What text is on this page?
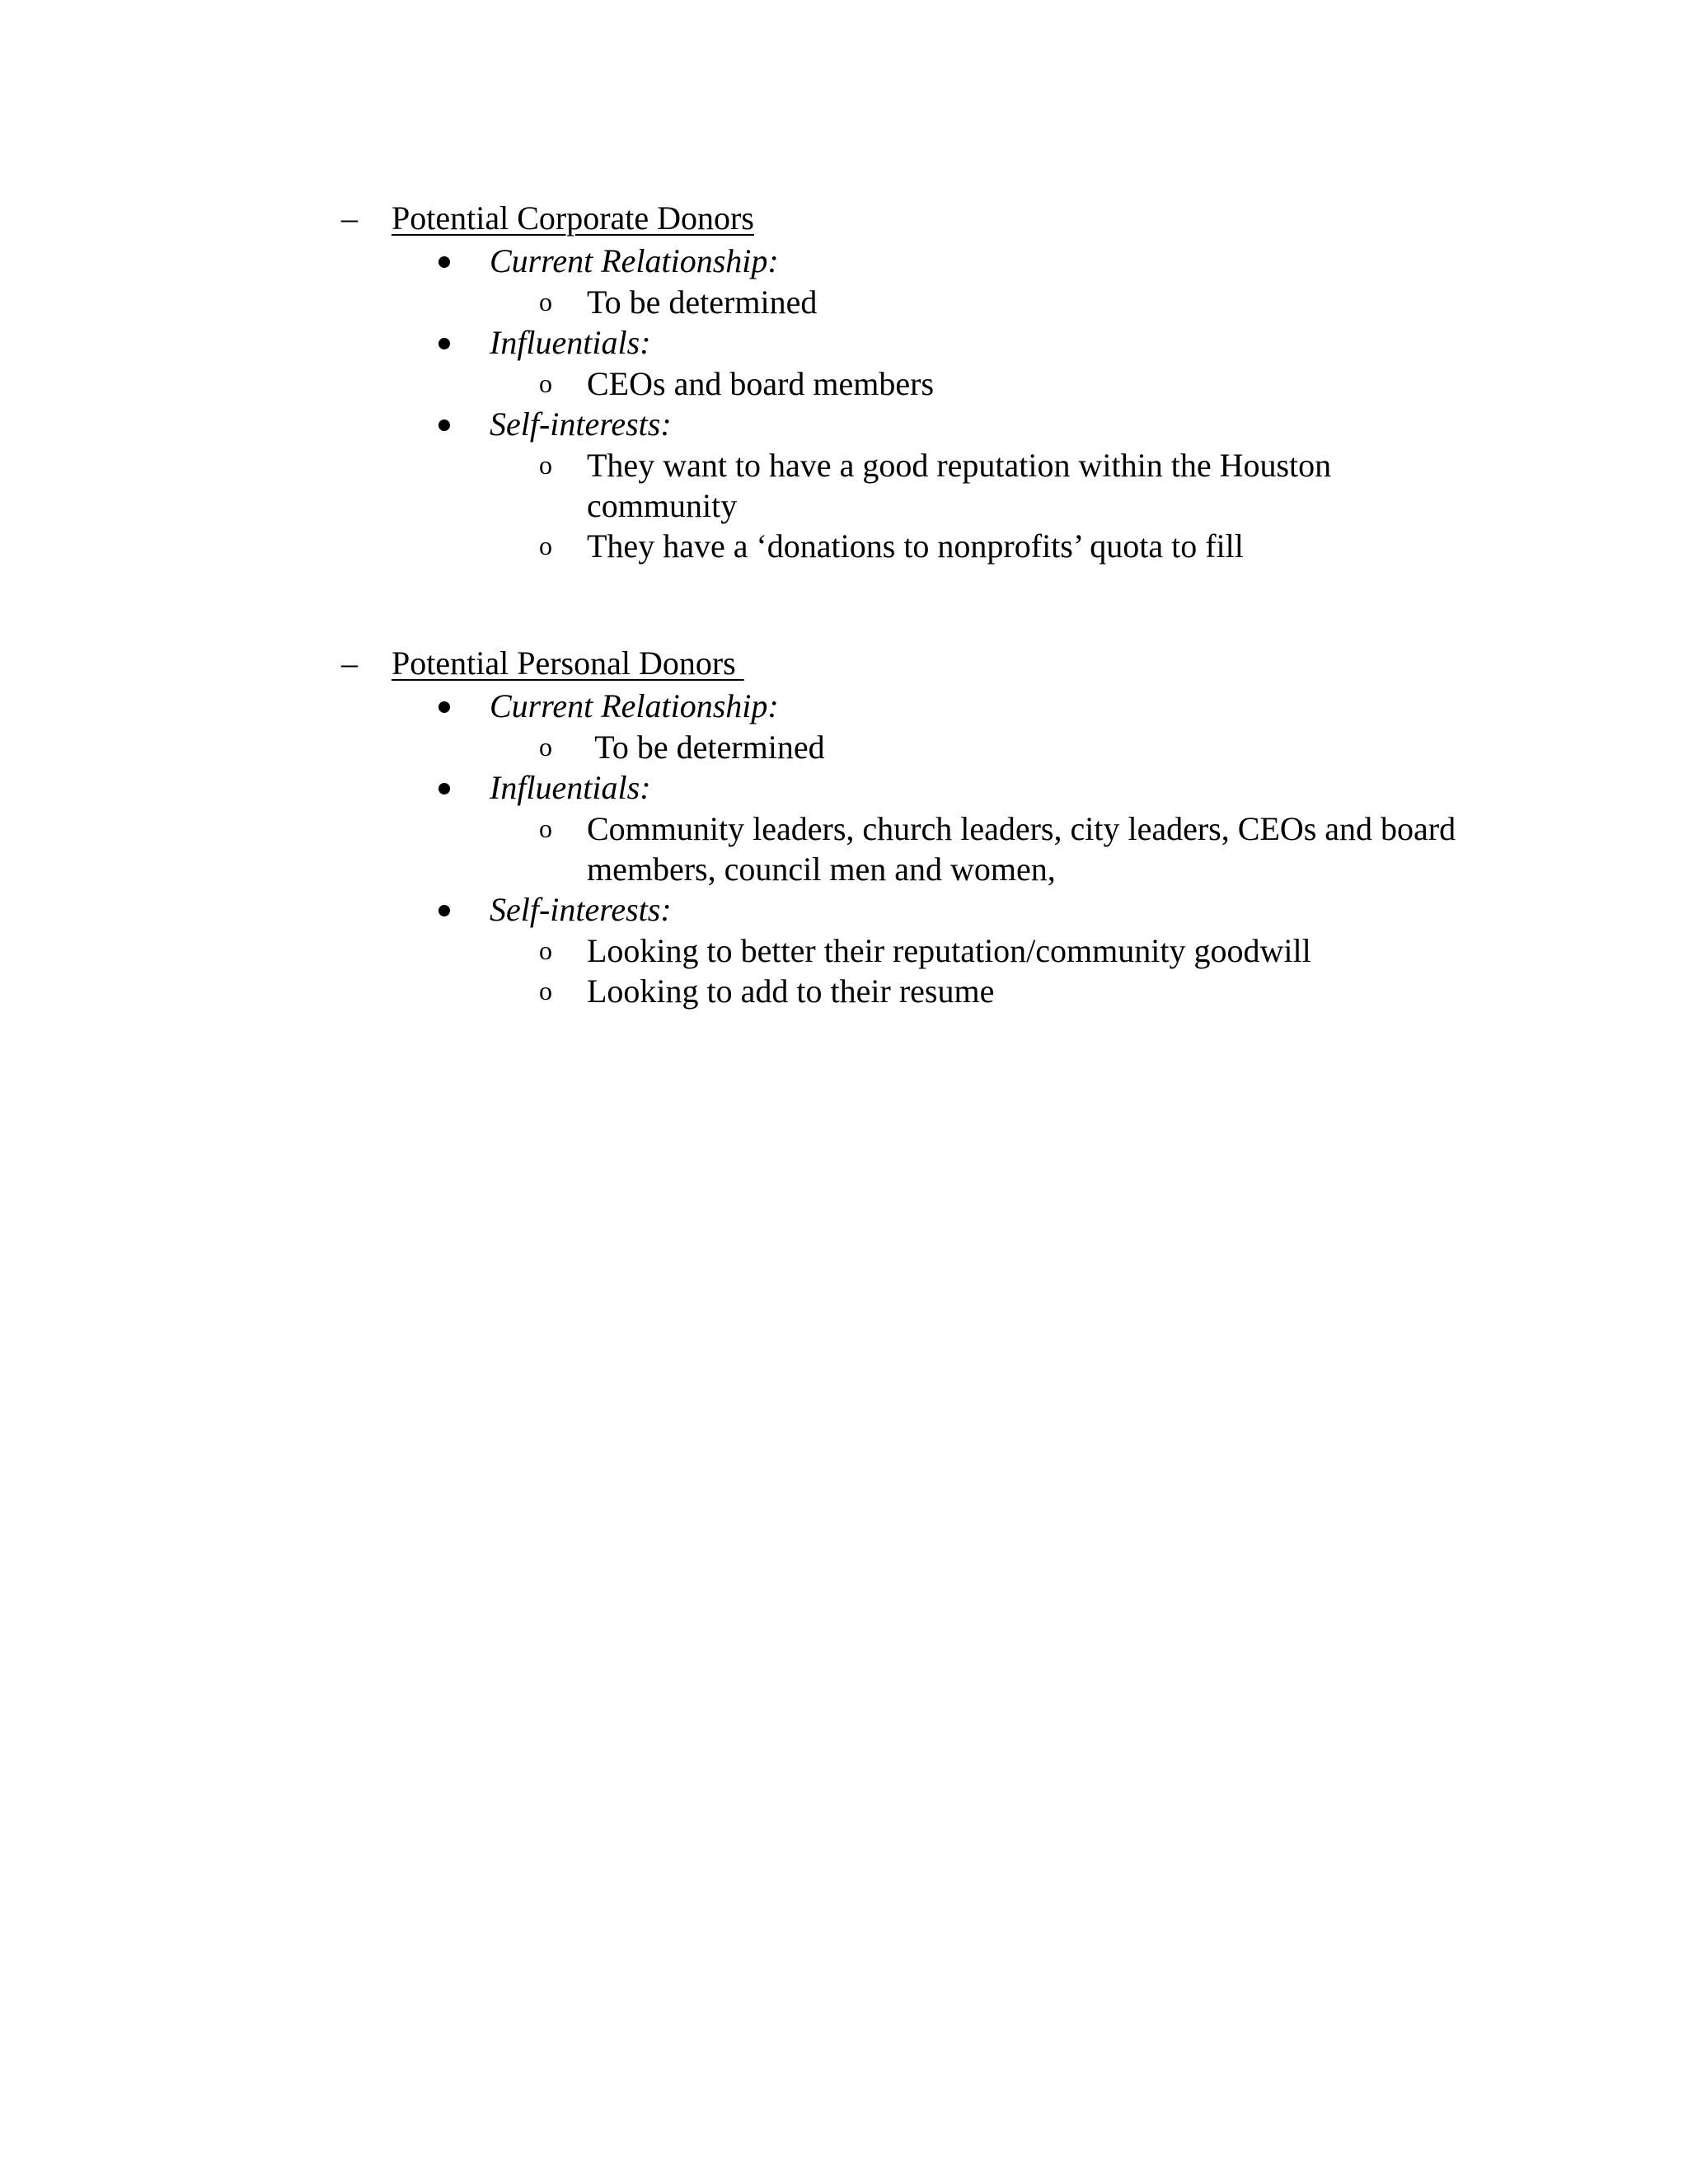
– Potential Corporate Donors
Current Relationship:
o To be determined
Influentials:
o CEOs and board members
Self-interests:
o They want to have a good reputation within the Houston community
o They have a ‘donations to nonprofits’ quota to fill
– Potential Personal Donors
Current Relationship:
o To be determined
Influentials:
o Community leaders, church leaders, city leaders, CEOs and board members, council men and women,
Self-interests:
o Looking to better their reputation/community goodwill
o Looking to add to their resume
